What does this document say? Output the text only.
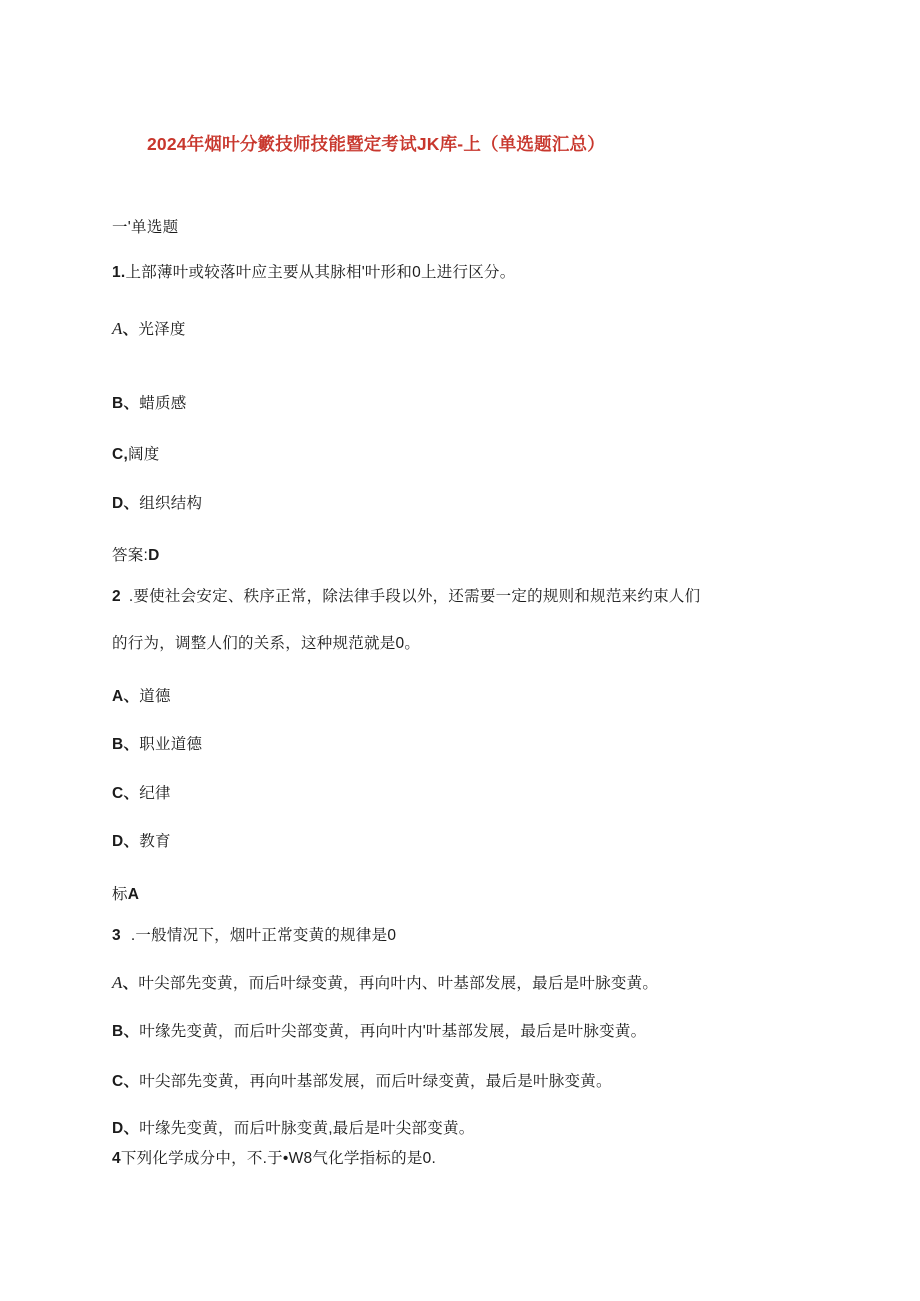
2024年烟叶分籔技师技能暨定考试JK库-上（单选题汇总）
一'单选题
1.上部薄叶或较落叶应主要从其脉相'叶形和0上进行区分。
A、光泽度
B、蜡质感
C,阔度
D、组织结构
答案:D
2 .要使社会安定、秩序正常，除法律手段以外，还需要一定的规则和规范来约束人们
的行为，调整人们的关系，这种规范就是0。
A、道德
B、职业道德
C、纪律
D、教育
标A
3 .一般情况下，烟叶正常变黄的规律是0
A、叶尖部先变黄，而后叶绿变黄，再向叶内、叶基部发展，最后是叶脉变黄。
B、叶缘先变黄，而后叶尖部变黄，再向叶内'叶基部发展，最后是叶脉变黄。
C、叶尖部先变黄，再向叶基部发展，而后叶绿变黄，最后是叶脉变黄。
D、叶缘先变黄，而后叶脉变黄,最后是叶尖部变黄。
4下列化学成分中，不.于•W8气化学指标的是0.
